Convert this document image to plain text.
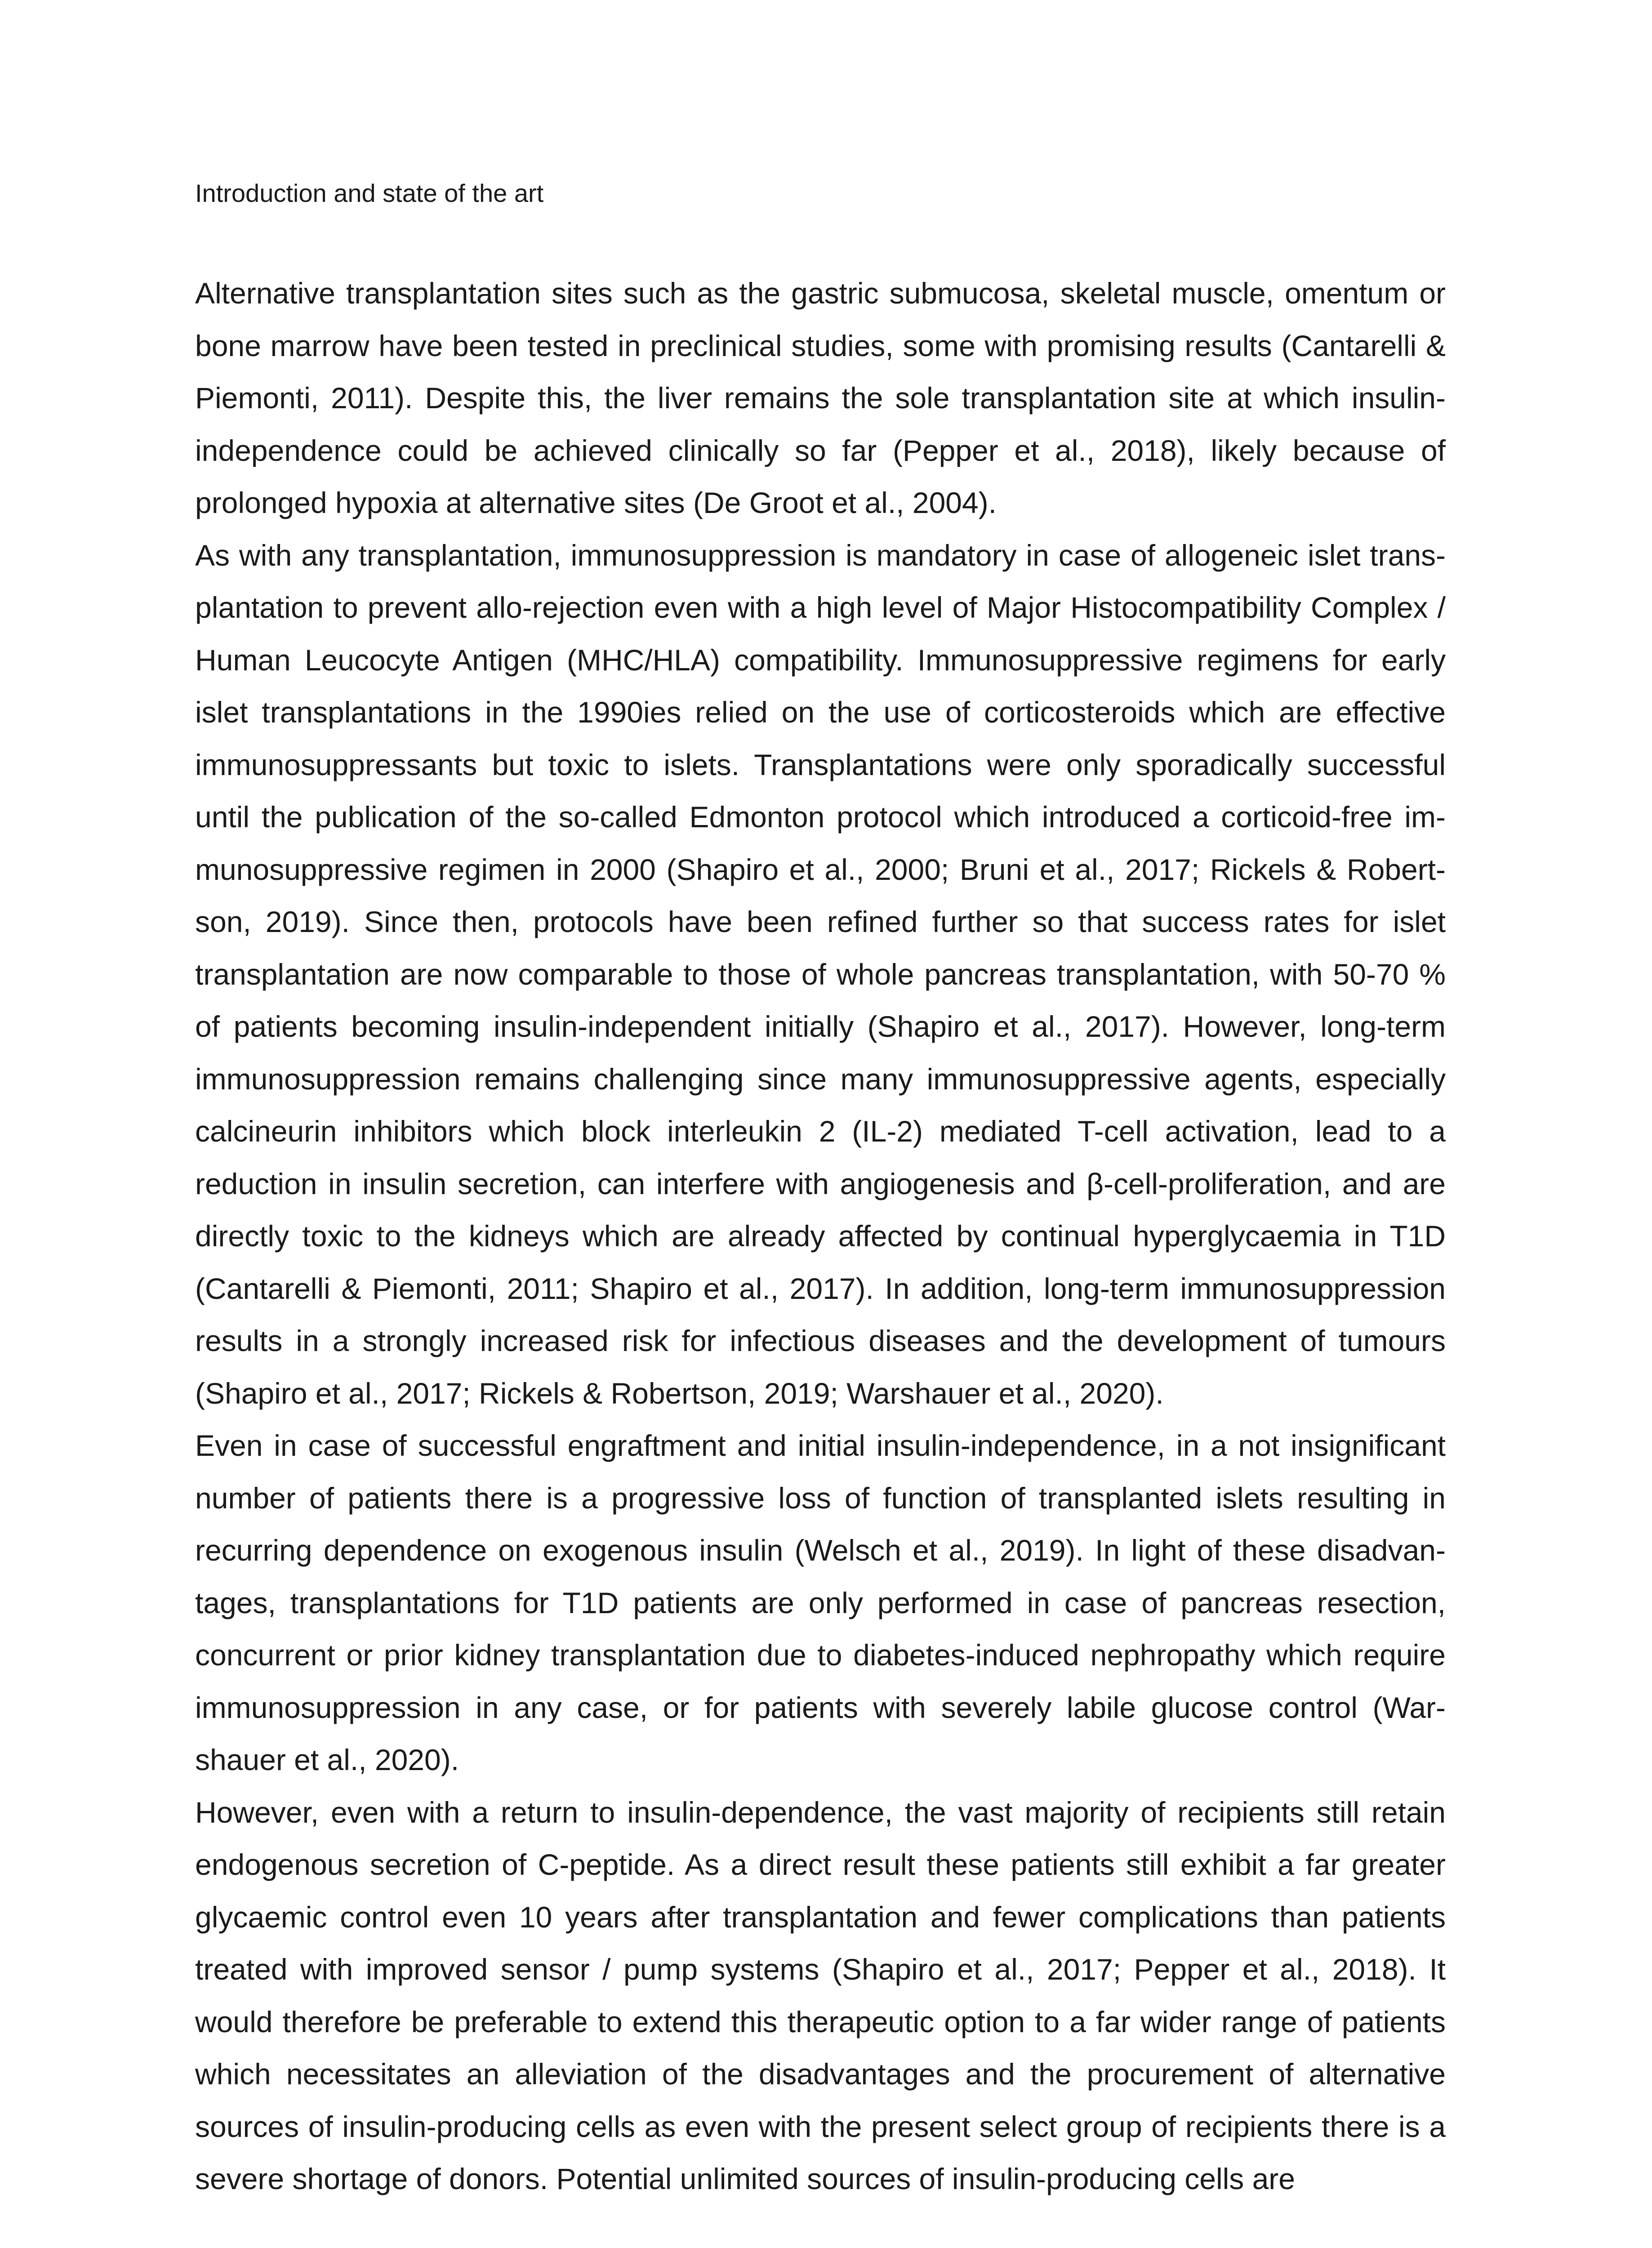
Introduction and state of the art

Alternative transplantation sites such as the gastric submucosa, skeletal muscle, omentum or bone marrow have been tested in preclinical studies, some with promising results (Cantarelli & Piemonti, 2011). Despite this, the liver remains the sole transplantation site at which insulin-independence could be achieved clinically so far (Pepper et al., 2018), likely because of prolonged hypoxia at alternative sites (De Groot et al., 2004).

As with any transplantation, immunosuppression is mandatory in case of allogeneic islet trans-plantation to prevent allo-rejection even with a high level of Major Histocompatibility Complex / Human Leucocyte Antigen (MHC/HLA) compatibility. Immunosuppressive regimens for early islet transplantations in the 1990ies relied on the use of corticosteroids which are effective immunosuppressants but toxic to islets. Transplantations were only sporadically successful until the publication of the so-called Edmonton protocol which introduced a corticoid-free im-munosuppressive regimen in 2000 (Shapiro et al., 2000; Bruni et al., 2017; Rickels & Robert-son, 2019). Since then, protocols have been refined further so that success rates for islet transplantation are now comparable to those of whole pancreas transplantation, with 50-70 % of patients becoming insulin-independent initially (Shapiro et al., 2017). However, long-term immunosuppression remains challenging since many immunosuppressive agents, especially calcineurin inhibitors which block interleukin 2 (IL-2) mediated T-cell activation, lead to a reduction in insulin secretion, can interfere with angiogenesis and β-cell-proliferation, and are directly toxic to the kidneys which are already affected by continual hyperglycaemia in T1D (Cantarelli & Piemonti, 2011; Shapiro et al., 2017). In addition, long-term immunosuppression results in a strongly increased risk for infectious diseases and the development of tumours (Shapiro et al., 2017; Rickels & Robertson, 2019; Warshauer et al., 2020).

Even in case of successful engraftment and initial insulin-independence, in a not insignificant number of patients there is a progressive loss of function of transplanted islets resulting in recurring dependence on exogenous insulin (Welsch et al., 2019). In light of these disadvan-tages, transplantations for T1D patients are only performed in case of pancreas resection, concurrent or prior kidney transplantation due to diabetes-induced nephropathy which require immunosuppression in any case, or for patients with severely labile glucose control (War-shauer et al., 2020).

However, even with a return to insulin-dependence, the vast majority of recipients still retain endogenous secretion of C-peptide. As a direct result these patients still exhibit a far greater glycaemic control even 10 years after transplantation and fewer complications than patients treated with improved sensor / pump systems (Shapiro et al., 2017; Pepper et al., 2018). It would therefore be preferable to extend this therapeutic option to a far wider range of patients which necessitates an alleviation of the disadvantages and the procurement of alternative sources of insulin-producing cells as even with the present select group of recipients there is a severe shortage of donors. Potential unlimited sources of insulin-producing cells are
